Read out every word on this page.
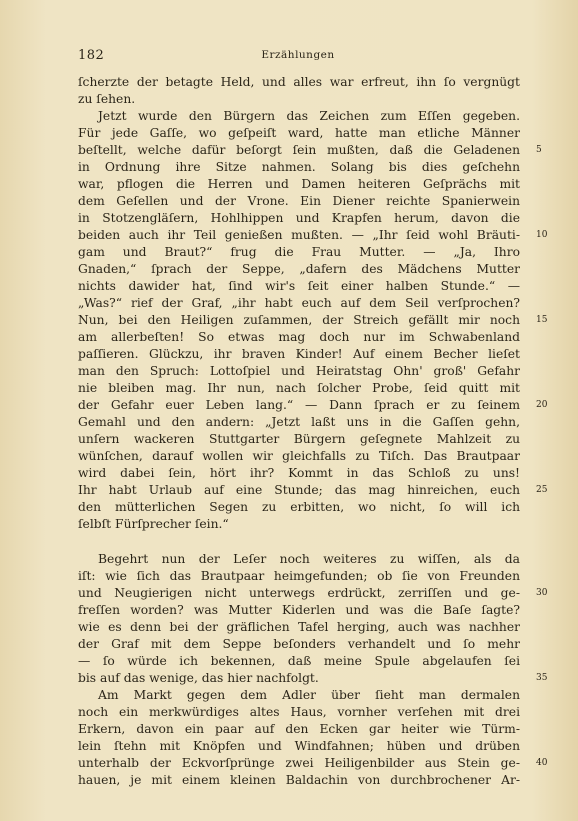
182	Erzählungen
ſcherzte der betagte Held, und alles war erfreut, ihn ſo vergnügt
zu ſehen.
Jetzt wurde den Bürgern das Zeichen zum Eſſen gegeben.
Für jede Gaſſe, wo geſpeiſt ward, hatte man etliche Männer
beſtellt, welche dafür beſorgt ſein mußten, daß die Geladenen 5
in Ordnung ihre Sitze nahmen. Solang bis dies geſchehn
war, pflogen die Herren und Damen heiteren Geſprächs mit
dem Geſellen und der Vrone. Ein Diener reichte Spanierwein
in Stotzengläſern, Hohlhippen und Krapfen herum, davon die
beiden auch ihr Teil genießen mußten. — „Ihr ſeid wohl Bräuti- 10
gam und Braut?“ frug die Frau Mutter. — „Ja, Ihro
Gnaden,“ ſprach der Seppe, „dafern des Mädchens Mutter
nichts dawider hat, ſind wir's ſeit einer halben Stunde.“ —
„Was?“ rief der Graf, „ihr habt euch auf dem Seil verſprochen?
Nun, bei den Heiligen zuſammen, der Streich gefällt mir noch 15
am allerbeſten! So etwas mag doch nur im Schwabenland
paſſieren. Glückzu, ihr braven Kinder! Auf einem Becher lieſet
man den Spruch: Lottoſpiel und Heiratstag Ohn' groß' Gefahr
nie bleiben mag. Ihr nun, nach ſolcher Probe, ſeid quitt mit
der Gefahr euer Leben lang.“ — Dann ſprach er zu ſeinem 20
Gemahl und den andern: „Jetzt laßt uns in die Gaſſen gehn,
unſern wackeren Stuttgarter Bürgern geſegnete Mahlzeit zu
wünſchen, darauf wollen wir gleichfalls zu Tiſch. Das Brautpaar
wird dabei ſein, hört ihr? Kommt in das Schloß zu uns!
Ihr habt Urlaub auf eine Stunde; das mag hinreichen, euch 25
den mütterlichen Segen zu erbitten, wo nicht, ſo will ich
ſelbſt Fürſprecher ſein.“
Begehrt nun der Leſer noch weiteres zu wiſſen, als da
iſt: wie ſich das Brautpaar heimgefunden; ob ſie von Freunden
und Neugierigen nicht unterwegs erdrückt, zerriſſen und ge- 30
freſſen worden? was Mutter Kiderlen und was die Baſe ſagte?
wie es denn bei der gräflichen Tafel herging, auch was nachher
der Graf mit dem Seppe beſonders verhandelt und ſo mehr
— ſo würde ich bekennen, daß meine Spule abgelaufen ſei
bis auf das wenige, das hier nachfolgt.	35
Am Markt gegen dem Adler über ſieht man dermalen
noch ein merkwürdiges altes Haus, vornher verſehen mit drei
Erkern, davon ein paar auf den Ecken gar heiter wie Türm-
lein ſtehn mit Knöpfen und Windfahnen; hüben und drüben
unterhalb der Eckvorſprünge zwei Heiligenbilder aus Stein ge- 40
hauen, je mit einem kleinen Baldachin von durchbrochener Ar-
